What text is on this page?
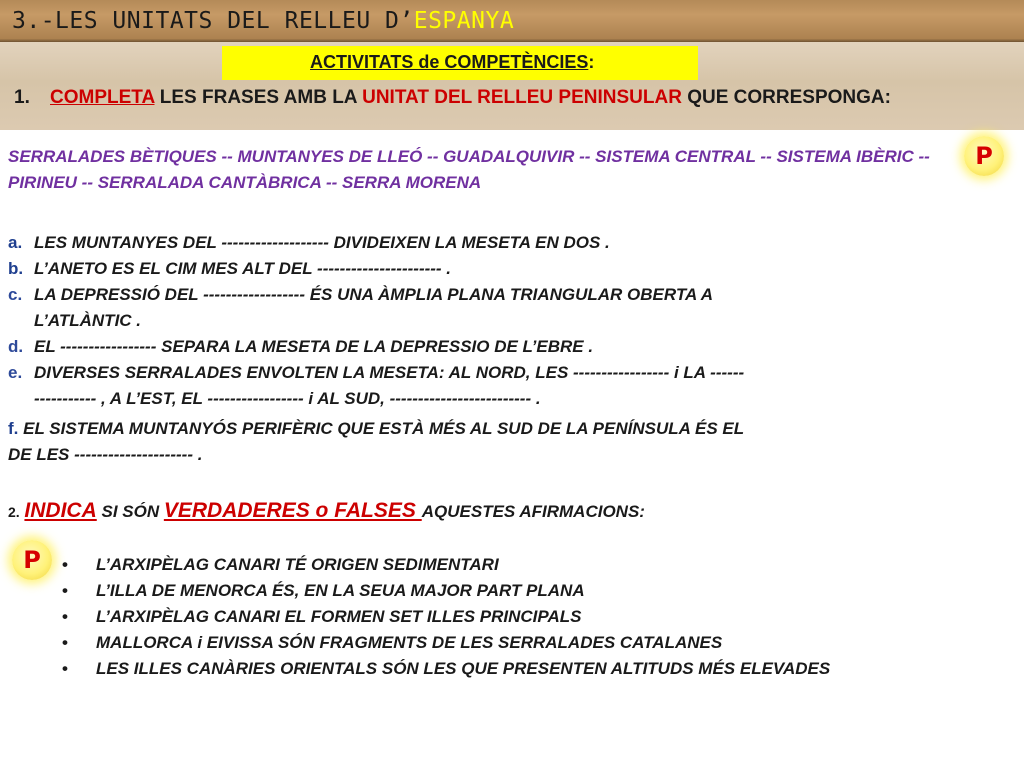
3.-LES UNITATS DEL RELLEU D’ESPANYA
ACTIVITATS de COMPETÈNCIES:
1. COMPLETA LES FRASES AMB LA UNITAT DEL RELLEU PENINSULAR QUE CORRESPONGA:
SERRALADES BÈTIQUES -- MUNTANYES DE LLEÓ -- GUADALQUIVIR -- SISTEMA CENTRAL -- SISTEMA IBÈRIC -- PIRINEU -- SERRALADA CANTÀBRICA -- SERRA MORENA
P
a. LES MUNTANYES DEL ------------------- DIVIDEIXEN LA MESETA EN DOS .
b. L’ANETO ES EL CIM MES ALT DEL ---------------------- .
c. LA DEPRESSIÓ DEL ------------------ ÉS UNA ÀMPLIA PLANA TRIANGULAR OBERTA A
L’ATLÀNTIC .
d. EL ----------------- SEPARA LA MESETA DE LA DEPRESSIO DE L’EBRE .
e. DIVERSES SERRALADES ENVOLTEN LA MESETA: AL NORD, LES ----------------- i LA ------
----------- , A L’EST, EL ----------------- i AL SUD, ------------------------- .
f. EL SISTEMA MUNTANYÓS PERIFÈRIC QUE ESTÀ MÉS AL SUD DE LA PENÍNSULA ÉS EL
DE LES --------------------- .
2. INDICA SI SÓN VERDADERES o FALSES AQUESTES AFIRMACIONS:
P	• L’ARXIPÈLAG CANARI TÉ ORIGEN SEDIMENTARI
• L’ILLA DE MENORCA ÉS, EN LA SEUA MAJOR PART PLANA
• L’ARXIPÈLAG CANARI EL FORMEN SET ILLES PRINCIPALS
• MALLORCA i EIVISSA SÓN FRAGMENTS DE LES SERRALADES CATALANES
• LES ILLES CANÀRIES ORIENTALS SÓN LES QUE PRESENTEN ALTITUDS MÉS ELEVADES
